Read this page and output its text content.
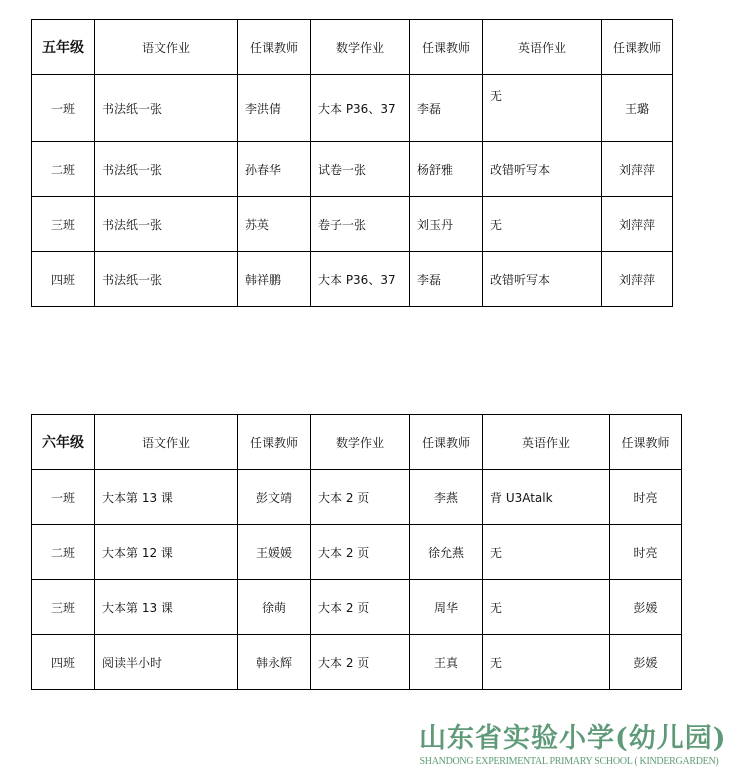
五年级	语文作业	任课教师	数学作业	任课教师	英语作业	任课教师
一班	书法纸一张	李洪倩	大本 P36、37	李磊	无	王璐
二班	书法纸一张	孙春华	试卷一张	杨舒雅	改错听写本	刘萍萍
三班	书法纸一张	苏英	卷子一张	刘玉丹	无	刘萍萍
四班	书法纸一张	韩祥鹏	大本 P36、37	李磊	改错听写本	刘萍萍
六年级	语文作业	任课教师	数学作业	任课教师	英语作业	任课教师
一班	大本第 13 课	彭文靖	大本 2 页	李燕	背 U3Atalk	时亮
二班	大本第 12 课	王媛媛	大本 2 页	徐允燕	无	时亮
三班	大本第 13 课	徐萌	大本 2 页	周华	无	彭媛
四班	阅读半小时	韩永辉	大本 2 页	王真	无	彭媛
山东省实验小学(幼儿园)
SHANDONG EXPERIMENTAL PRIMARY SCHOOL ( KINDERGARDEN)
